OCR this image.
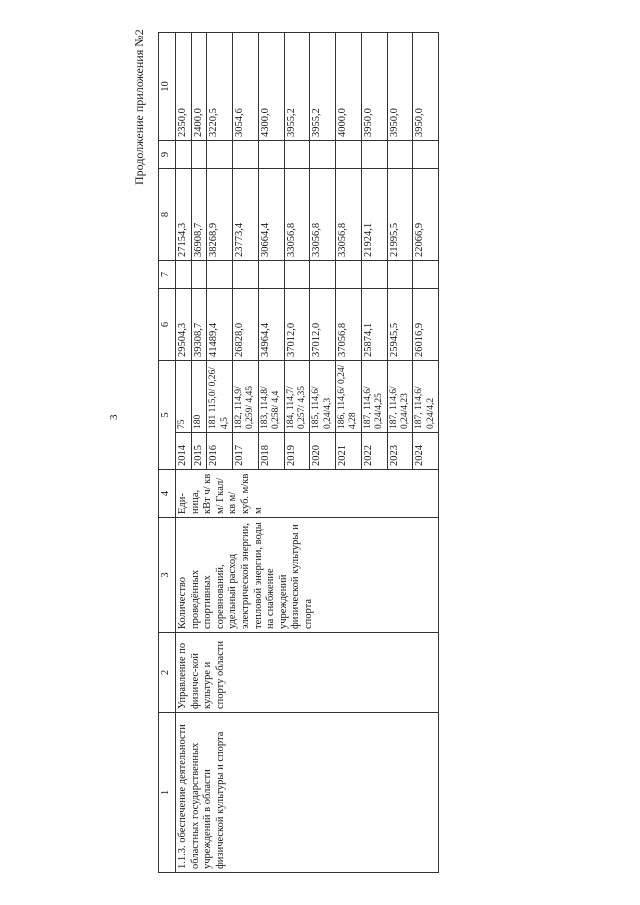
3
Продолжение приложения №2
1	2	3	4	5		6	7	8	9	10
1.1.3. обеспечение деятельности областных государственных учреждений в области физической культуры и спорта	Управление по физичес-кой культуре и спорту области	Количество проведённых спортивных соревнований, удельный расход электрической энергии, тепловой энергии, воды на снабжение учреждений физической культуры и спорта	Еди-ница, кВт ч/ кв м/ Гкал/ кв м/ куб. м/кв м	2014	75	29504,3		27154,3		2350,0
				2015	180	39308,7		36908,7		2400,0
				2016	181 115,0/ 0,26/ 4,5	41489,4		38268,9		3220,5
				2017	182, 114,9/ 0,259/ 4,45	26828,0		23773,4		3054,6
				2018	183, 114,8/ 0,258/ 4,4	34964,4		30664,4		4300,0
				2019	184, 114,7/ 0,257/ 4,35	37012,0		33056,8		3955,2
				2020	185, 114,6/ 0,24/4,3	37012,0		33056,8		3955,2
				2021	186, 114,6/ 0,24/ 4,28	37056,8		33056,8		4000,0
				2022	187, 114,6/ 0,24/4,25	25874,1		21924,1		3950,0
				2023	187, 114,6/ 0,24/4,23	25945,5		21995,5		3950,0
				2024	187, 114,6/ 0,24/4,2	26016,9		22066,9		3950,0
